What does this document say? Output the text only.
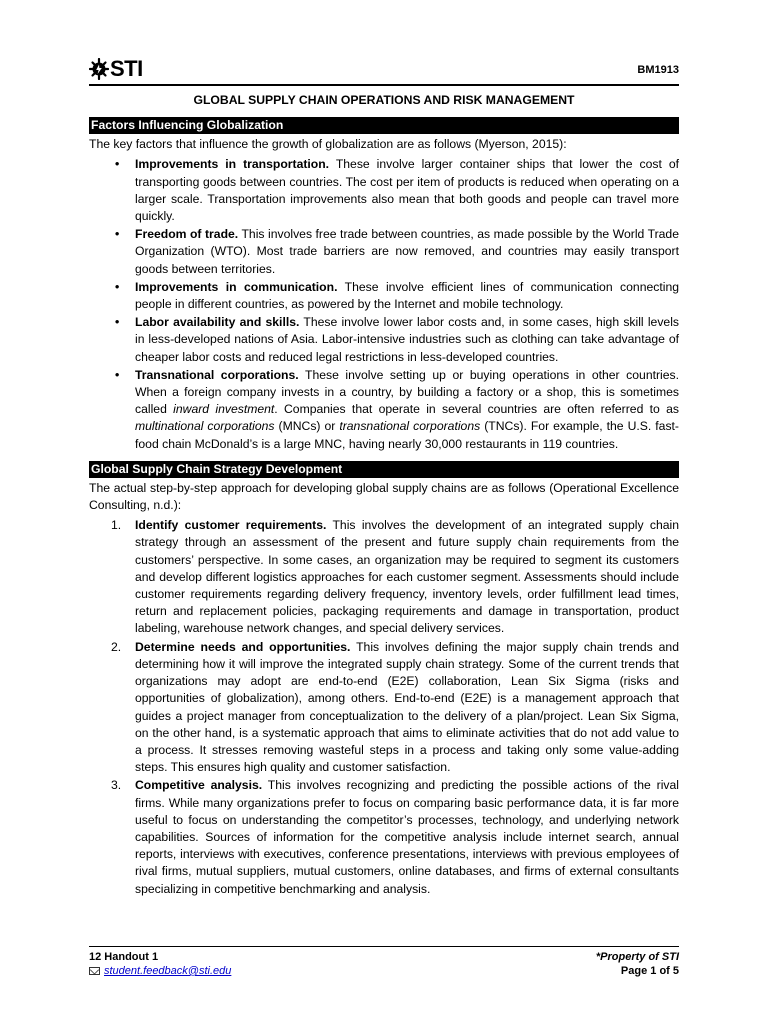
STI	BM1913
GLOBAL SUPPLY CHAIN OPERATIONS AND RISK MANAGEMENT
Factors Influencing Globalization

The key factors that influence the growth of globalization are as follows (Myerson, 2015):

• Improvements in transportation. These involve larger container ships that lower the cost of transporting goods between countries. The cost per item of products is reduced when operating on a larger scale. Transportation improvements also mean that both goods and people can travel more quickly.
• Freedom of trade. This involves free trade between countries, as made possible by the World Trade Organization (WTO). Most trade barriers are now removed, and countries may easily transport goods between territories.
• Improvements in communication. These involve efficient lines of communication connecting people in different countries, as powered by the Internet and mobile technology.
• Labor availability and skills. These involve lower labor costs and, in some cases, high skill levels in less-developed nations of Asia. Labor-intensive industries such as clothing can take advantage of cheaper labor costs and reduced legal restrictions in less-developed countries.
• Transnational corporations. These involve setting up or buying operations in other countries. When a foreign company invests in a country, by building a factory or a shop, this is sometimes called inward investment. Companies that operate in several countries are often referred to as multinational corporations (MNCs) or transnational corporations (TNCs). For example, the U.S. fast-food chain McDonald’s is a large MNC, having nearly 30,000 restaurants in 119 countries.
Global Supply Chain Strategy Development

The actual step-by-step approach for developing global supply chains are as follows (Operational Excellence Consulting, n.d.):

1. Identify customer requirements. This involves the development of an integrated supply chain strategy through an assessment of the present and future supply chain requirements from the customers’ perspective. In some cases, an organization may be required to segment its customers and develop different logistics approaches for each customer segment. Assessments should include customer requirements regarding delivery frequency, inventory levels, order fulfillment lead times, return and replacement policies, packaging requirements and damage in transportation, product labeling, warehouse network changes, and special delivery services.
2. Determine needs and opportunities. This involves defining the major supply chain trends and determining how it will improve the integrated supply chain strategy. Some of the current trends that organizations may adopt are end-to-end (E2E) collaboration, Lean Six Sigma (risks and opportunities of globalization), among others. End-to-end (E2E) is a management approach that guides a project manager from conceptualization to the delivery of a plan/project. Lean Six Sigma, on the other hand, is a systematic approach that aims to eliminate activities that do not add value to a process. It stresses removing wasteful steps in a process and taking only some value-adding steps. This ensures high quality and customer satisfaction.
3. Competitive analysis. This involves recognizing and predicting the possible actions of the rival firms. While many organizations prefer to focus on comparing basic performance data, it is far more useful to focus on understanding the competitor’s processes, technology, and underlying network capabilities. Sources of information for the competitive analysis include internet search, annual reports, interviews with executives, conference presentations, interviews with previous employees of rival firms, mutual suppliers, mutual customers, online databases, and firms of external consultants specializing in competitive benchmarking and analysis.
12 Handout 1
student.feedback@sti.edu
*Property of STI
Page 1 of 5
